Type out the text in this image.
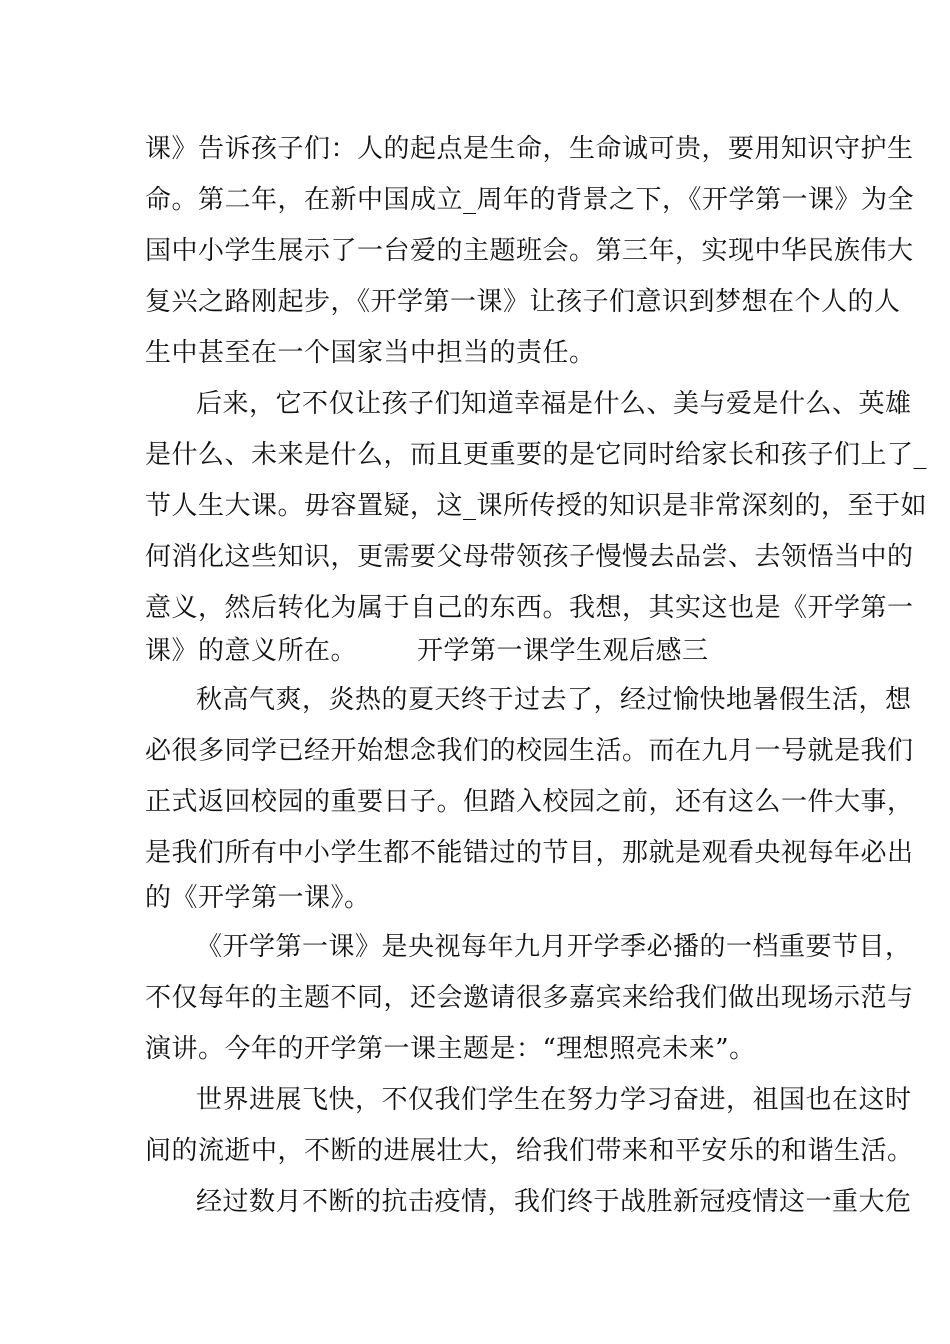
课》告诉孩子们：人的起点是生命，生命诚可贵，要用知识守护生
命。第二年，在新中国成立_周年的背景之下，《开学第一课》为全
国中小学生展示了一台爱的主题班会。第三年，实现中华民族伟大
复兴之路刚起步，《开学第一课》让孩子们意识到梦想在个人的人
生中甚至在一个国家当中担当的责任。
后来，它不仅让孩子们知道幸福是什么、美与爱是什么、英雄
是什么、未来是什么，而且更重要的是它同时给家长和孩子们上了_
节人生大课。毋容置疑，这_课所传授的知识是非常深刻的，至于如
何消化这些知识，更需要父母带领孩子慢慢去品尝、去领悟当中的
意义，然后转化为属于自己的东西。我想，其实这也是《开学第一
课》的意义所在。 开学第一课学生观后感三
秋高气爽，炎热的夏天终于过去了，经过愉快地暑假生活，想
必很多同学已经开始想念我们的校园生活。而在九月一号就是我们
正式返回校园的重要日子。但踏入校园之前，还有这么一件大事，
是我们所有中小学生都不能错过的节目，那就是观看央视每年必出
的《开学第一课》。
《开学第一课》是央视每年九月开学季必播的一档重要节目，
不仅每年的主题不同，还会邀请很多嘉宾来给我们做出现场示范与
演讲。今年的开学第一课主题是：“理想照亮未来”。
世界进展飞快，不仅我们学生在努力学习奋进，祖国也在这时
间的流逝中，不断的进展壮大，给我们带来和平安乐的和谐生活。
经过数月不断的抗击疫情，我们终于战胜新冠疫情这一重大危
